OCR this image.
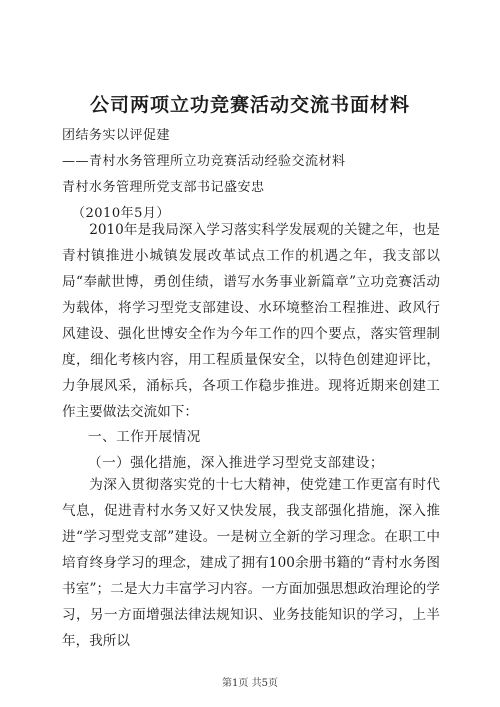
公司两项立功竞赛活动交流书面材料
团结务实以评促建
——青村水务管理所立功竞赛活动经验交流材料
青村水务管理所党支部书记盛安忠
（2010年5月）

2010年是我局深入学习落实科学发展观的关键之年，也是青村镇推进小城镇发展改革试点工作的机遇之年，我支部以局“奉献世博，勇创佳绩，谱写水务事业新篇章”立功竞赛活动为载体，将学习型党支部建设、水环境整治工程推进、政风行风建设、强化世博安全作为今年工作的四个要点，落实管理制度，细化考核内容，用工程质量保安全，以特色创建迎评比，力争展风采，涌标兵，各项工作稳步推进。现将近期来创建工作主要做法交流如下：

一、工作开展情况
（一）强化措施，深入推进学习型党支部建设；

为深入贯彻落实党的十七大精神，使党建工作更富有时代气息，促进青村水务又好又快发展，我支部强化措施，深入推进“学习型党支部”建设。一是树立全新的学习理念。在职工中培育终身学习的理念，建成了拥有100余册书籍的“青村水务图书室”；二是大力丰富学习内容。一方面加强思想政治理论的学习，另一方面增强法律法规知识、业务技能知识的学习，上半年，我所以

第1页 共5页
